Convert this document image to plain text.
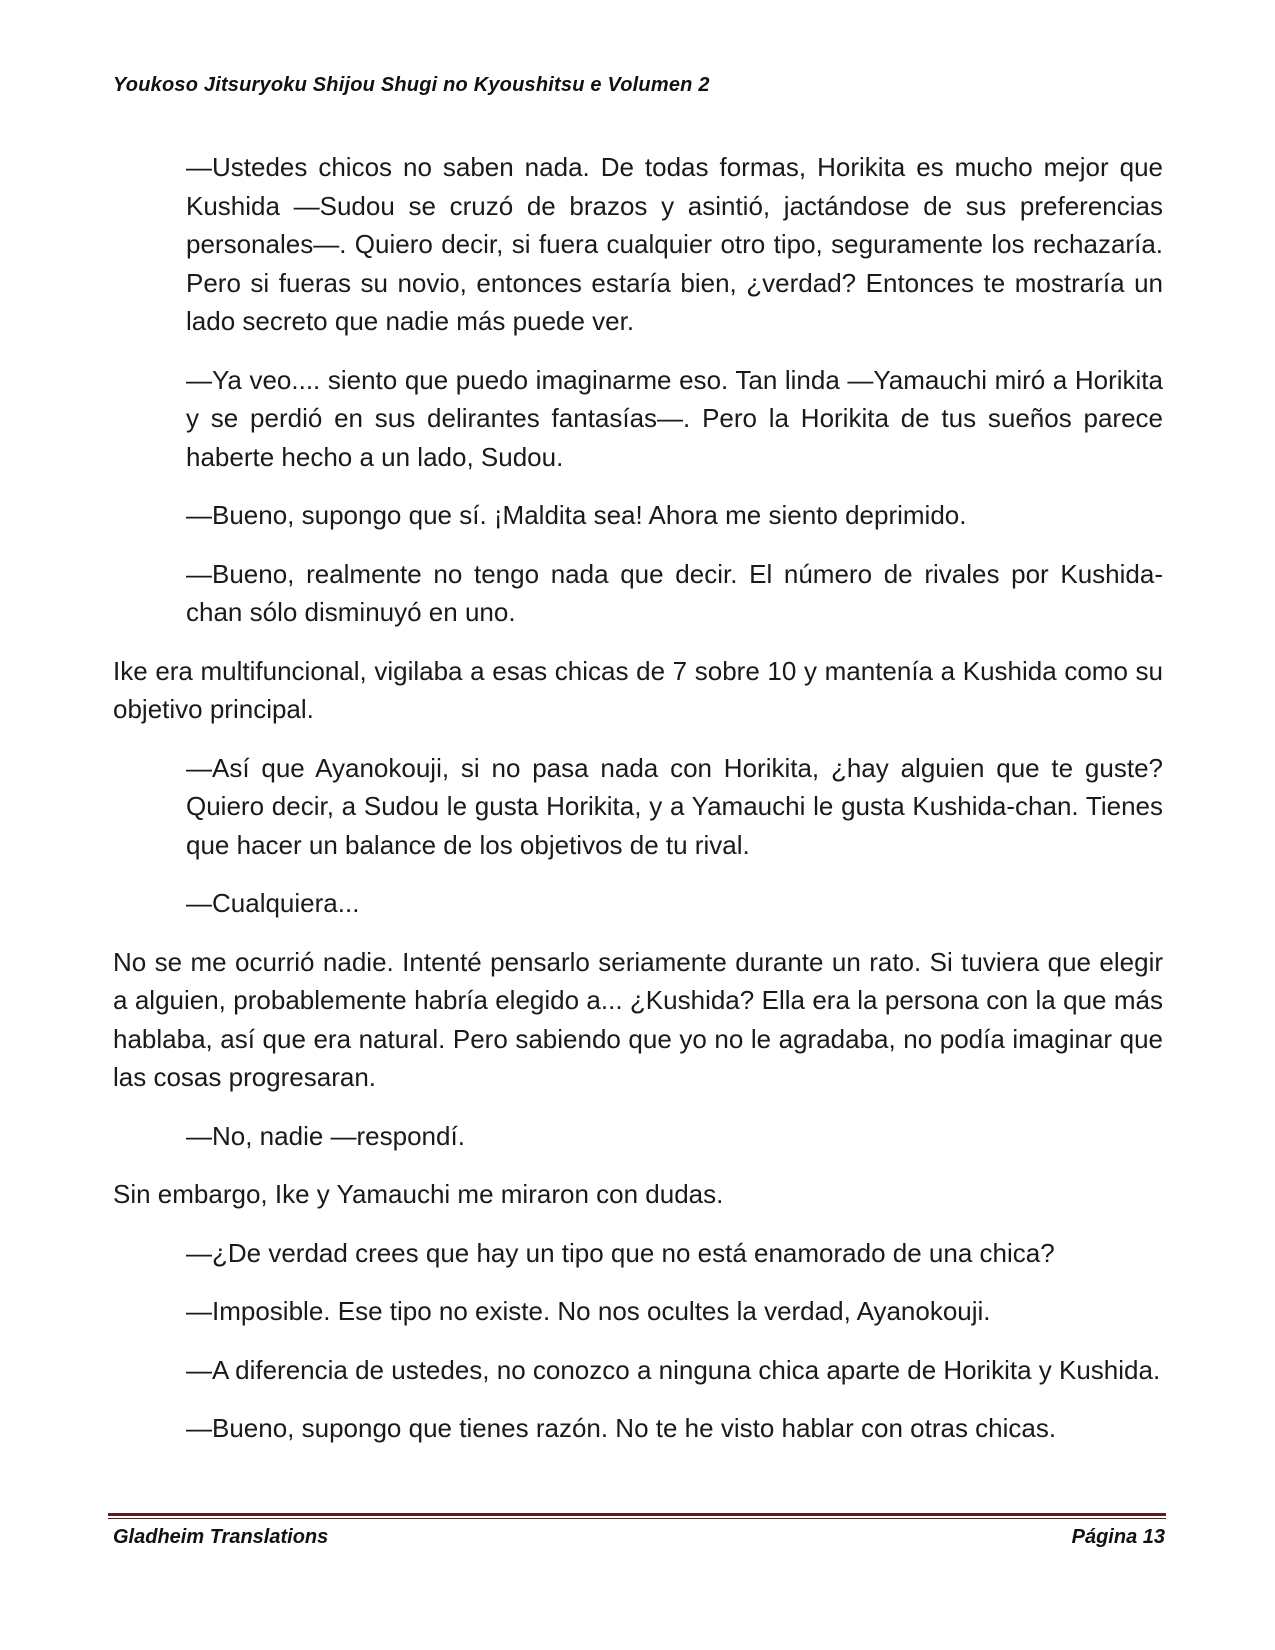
Youkoso Jitsuryoku Shijou Shugi no Kyoushitsu e Volumen 2

—Ustedes chicos no saben nada. De todas formas, Horikita es mucho mejor que Kushida —Sudou se cruzó de brazos y asintió, jactándose de sus preferencias personales—. Quiero decir, si fuera cualquier otro tipo, seguramente los rechazaría. Pero si fueras su novio, entonces estaría bien, ¿verdad? Entonces te mostraría un lado secreto que nadie más puede ver.

—Ya veo.... siento que puedo imaginarme eso. Tan linda —Yamauchi miró a Horikita y se perdió en sus delirantes fantasías—. Pero la Horikita de tus sueños parece haberte hecho a un lado, Sudou.

—Bueno, supongo que sí. ¡Maldita sea! Ahora me siento deprimido.

—Bueno, realmente no tengo nada que decir. El número de rivales por Kushida-chan sólo disminuyó en uno.

Ike era multifuncional, vigilaba a esas chicas de 7 sobre 10 y mantenía a Kushida como su objetivo principal.

—Así que Ayanokouji, si no pasa nada con Horikita, ¿hay alguien que te guste? Quiero decir, a Sudou le gusta Horikita, y a Yamauchi le gusta Kushida-chan. Tienes que hacer un balance de los objetivos de tu rival.

—Cualquiera...

No se me ocurrió nadie. Intenté pensarlo seriamente durante un rato. Si tuviera que elegir a alguien, probablemente habría elegido a... ¿Kushida? Ella era la persona con la que más hablaba, así que era natural. Pero sabiendo que yo no le agradaba, no podía imaginar que las cosas progresaran.

—No, nadie —respondí.

Sin embargo, Ike y Yamauchi me miraron con dudas.

—¿De verdad crees que hay un tipo que no está enamorado de una chica?

—Imposible. Ese tipo no existe. No nos ocultes la verdad, Ayanokouji.

—A diferencia de ustedes, no conozco a ninguna chica aparte de Horikita y Kushida.

—Bueno, supongo que tienes razón. No te he visto hablar con otras chicas.

Gladheim Translations	Página 13
